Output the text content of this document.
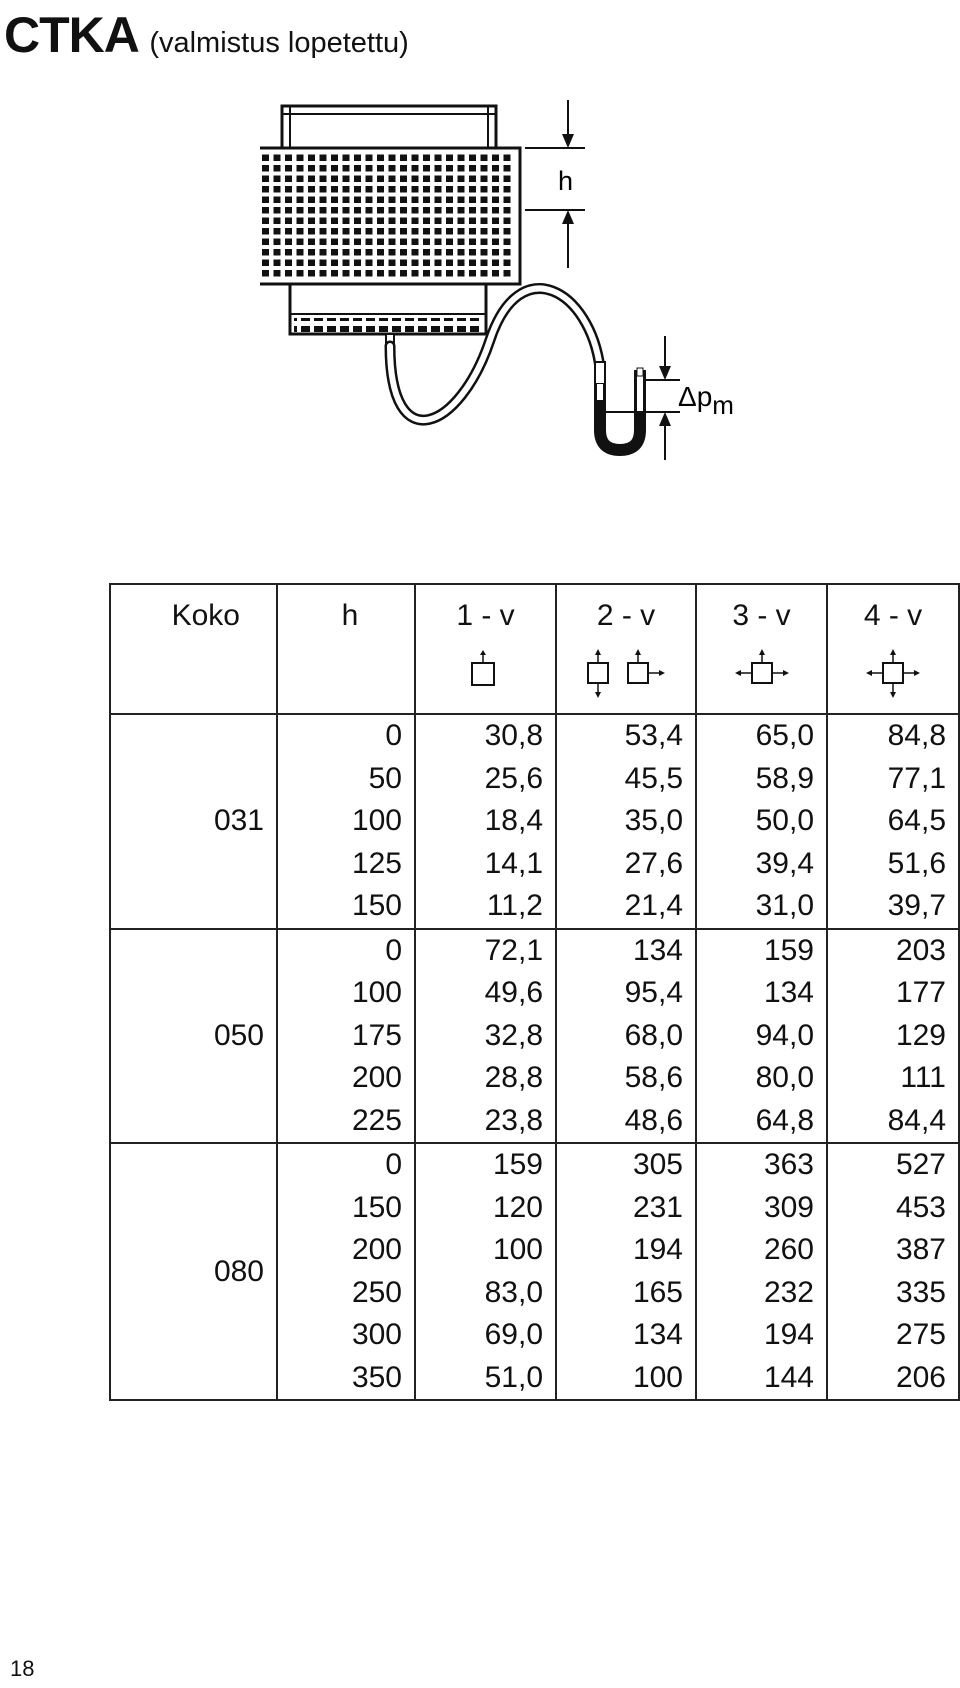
CTKA (valmistus lopetettu)
h
Δpm
Koko	h	1 - v	2 - v	3 - v	4 - v

031	0	30,8	53,4	65,0	84,8
	50	25,6	45,5	58,9	77,1
	100	18,4	35,0	50,0	64,5
	125	14,1	27,6	39,4	51,6
	150	11,2	21,4	31,0	39,7
050	0	72,1	134	159	203
	100	49,6	95,4	134	177
	175	32,8	68,0	94,0	129
	200	28,8	58,6	80,0	111
	225	23,8	48,6	64,8	84,4
080	0	159	305	363	527
	150	120	231	309	453
	200	100	194	260	387
	250	83,0	165	232	335
	300	69,0	134	194	275
	350	51,0	100	144	206
18
